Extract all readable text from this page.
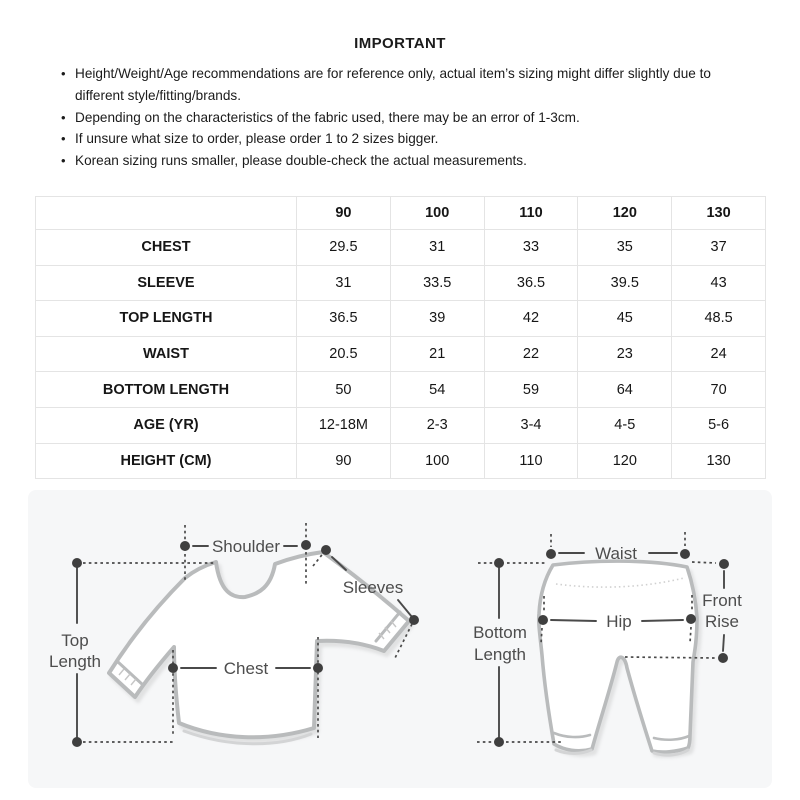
IMPORTANT
• Height/Weight/Age recommendations are for reference only, actual item’s sizing might differ slightly due to different style/fitting/brands.
• Depending on the characteristics of the fabric used, there may be an error of 1-3cm.
• If unsure what size to order, please order 1 to 2 sizes bigger.
• Korean sizing runs smaller, please double-check the actual measurements.
	90	100	110	120	130
CHEST	29.5	31	33	35	37
SLEEVE	31	33.5	36.5	39.5	43
TOP LENGTH	36.5	39	42	45	48.5
WAIST	20.5	21	22	23	24
BOTTOM LENGTH	50	54	59	64	70
AGE (YR)	12-18M	2-3	3-4	4-5	5-6
HEIGHT (CM)	90	100	110	120	130
Shoulder
Sleeves
Top
Length	Chest
Waist
Hip
Bottom
Length
Front
Rise
